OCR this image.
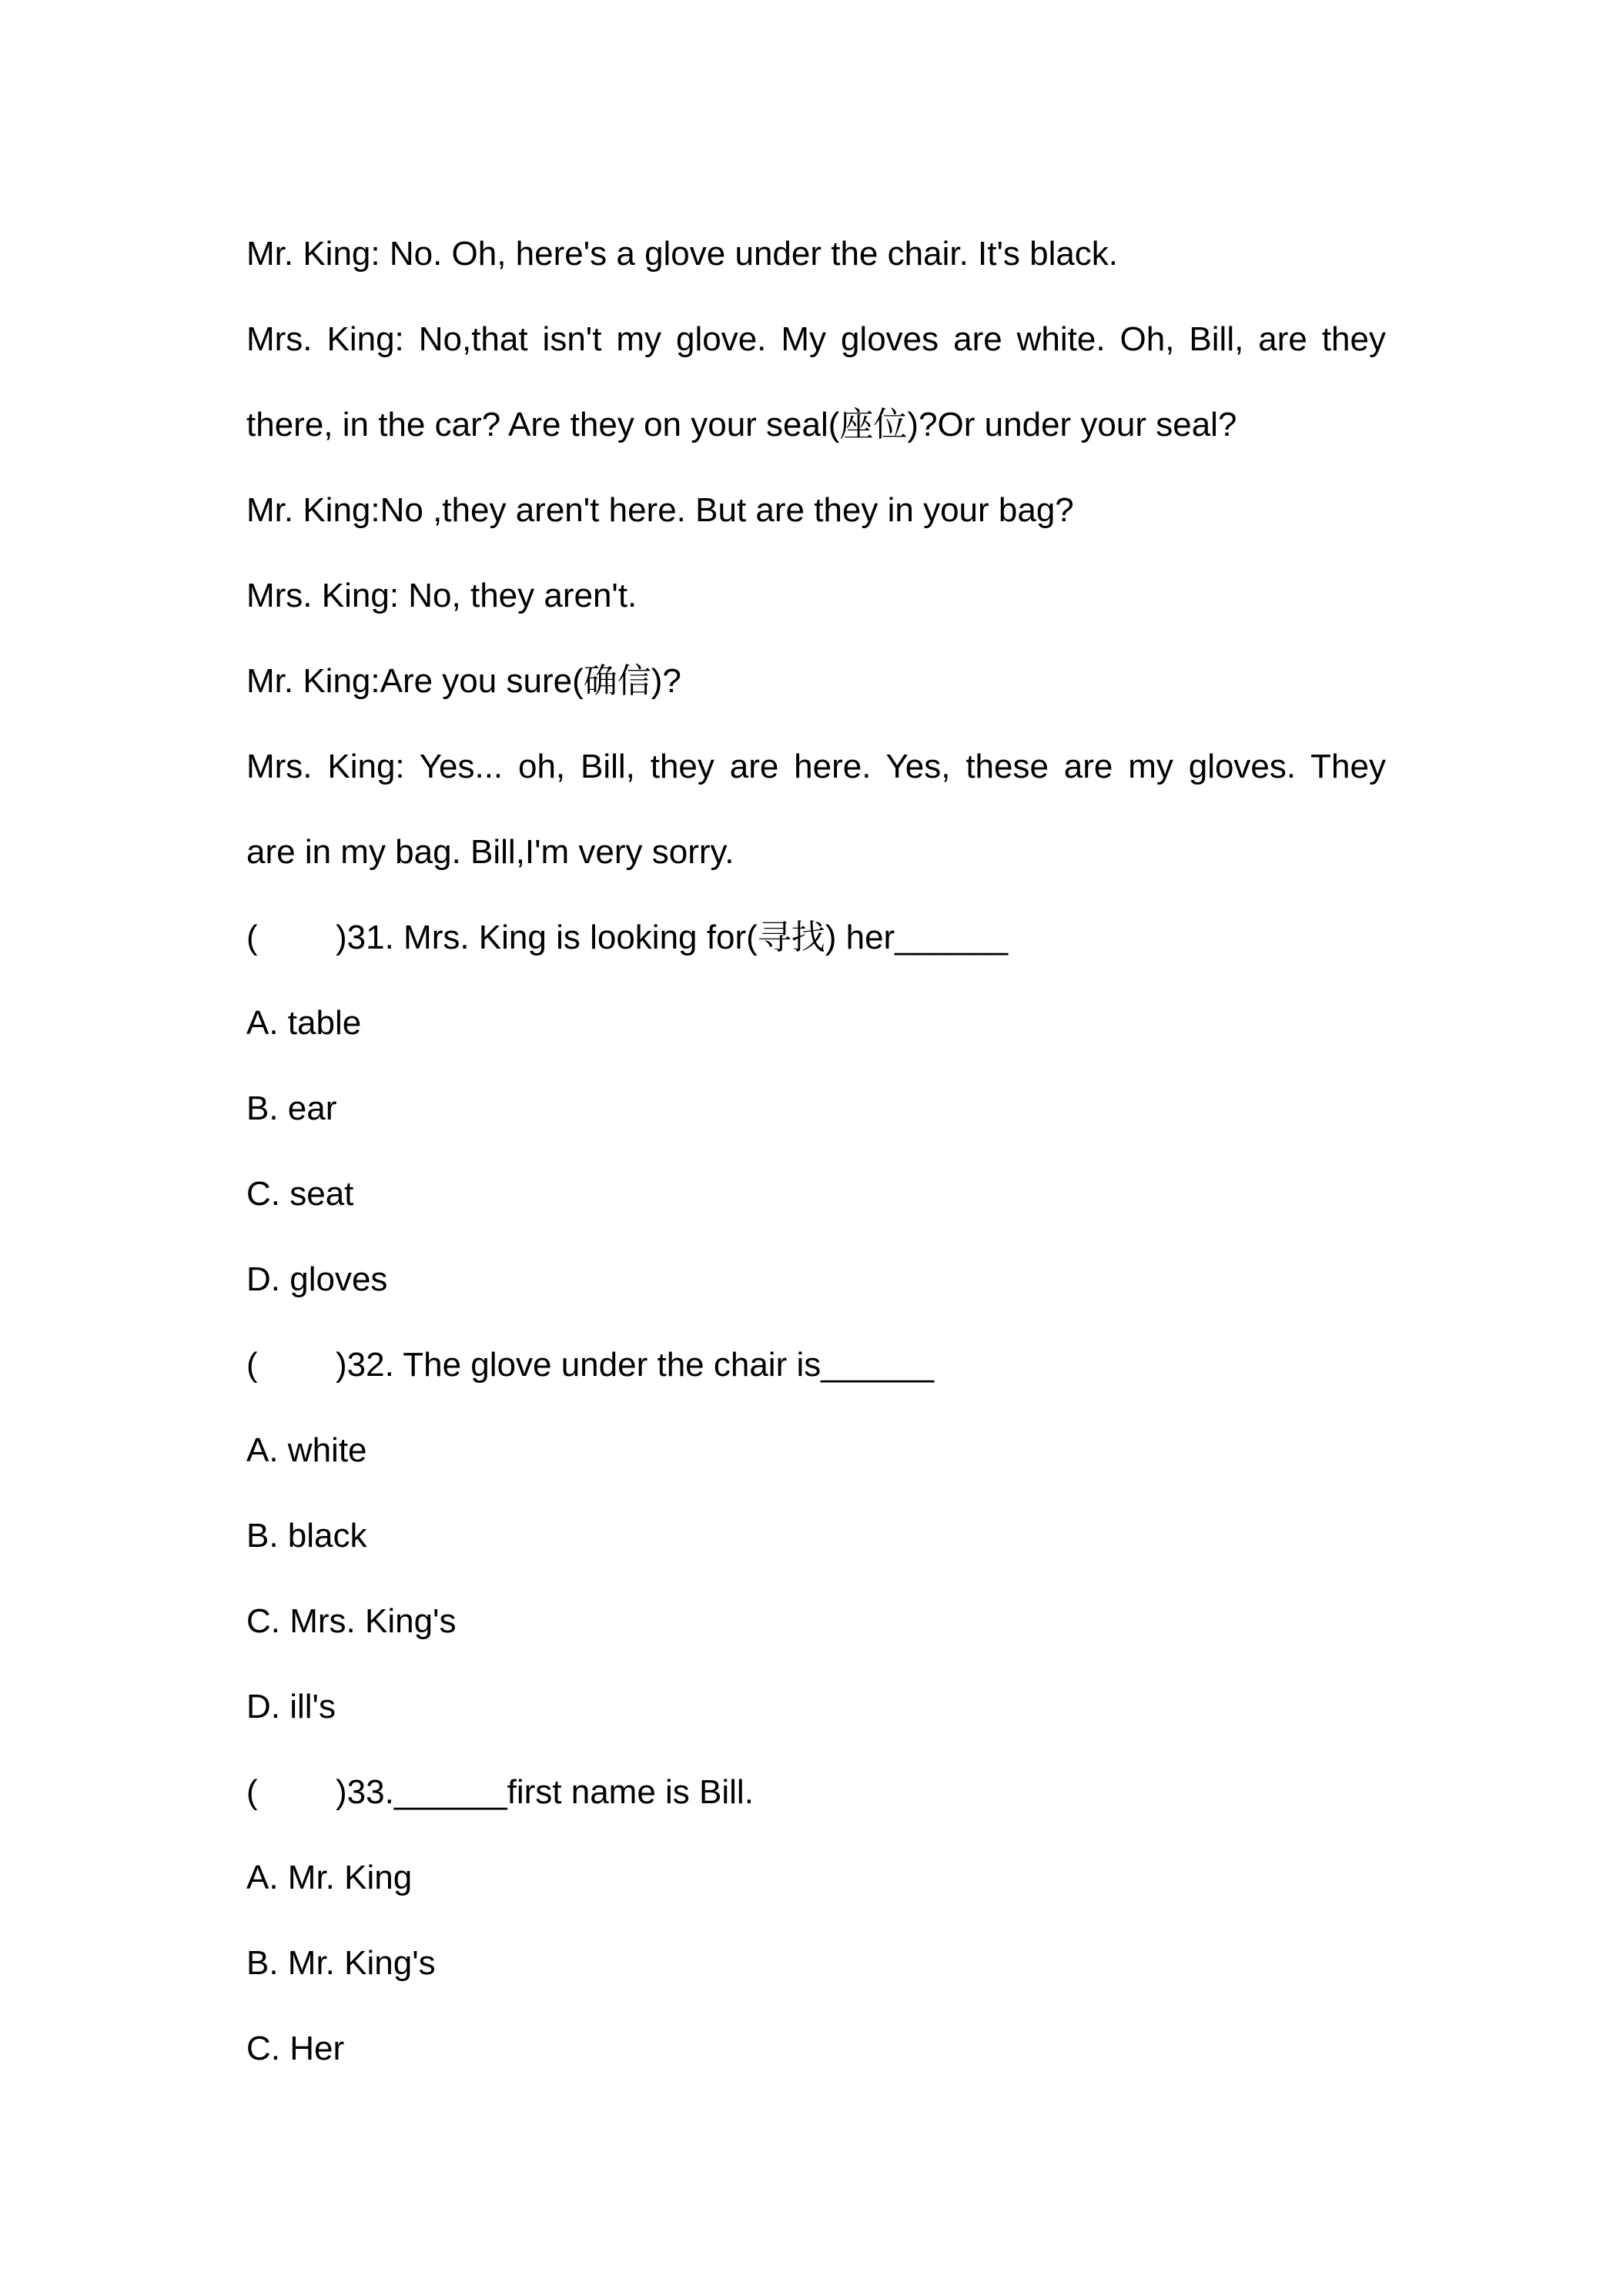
Mr. King: No. Oh, here's a glove under the chair. It's black.

Mrs. King: No,that isn't my glove. My gloves are white. Oh, Bill, are they

there, in the car? Are they on your seal(座位)?Or under your seal?

Mr. King:No ,they aren't here. But are they in your bag?

Mrs. King: No, they aren't.

Mr. King:Are you sure(确信)?

Mrs. King: Yes... oh, Bill, they are here. Yes, these are my gloves. They

are in my bag. Bill,I'm very sorry.

( )31. Mrs. King is looking for(寻找) her______

A. table

B. ear

C. seat

D. gloves

( )32. The glove under the chair is______

A. white

B. black

C. Mrs. King's

D. ill's

( )33.______first name is Bill.

A. Mr. King

B. Mr. King's

C. Her
